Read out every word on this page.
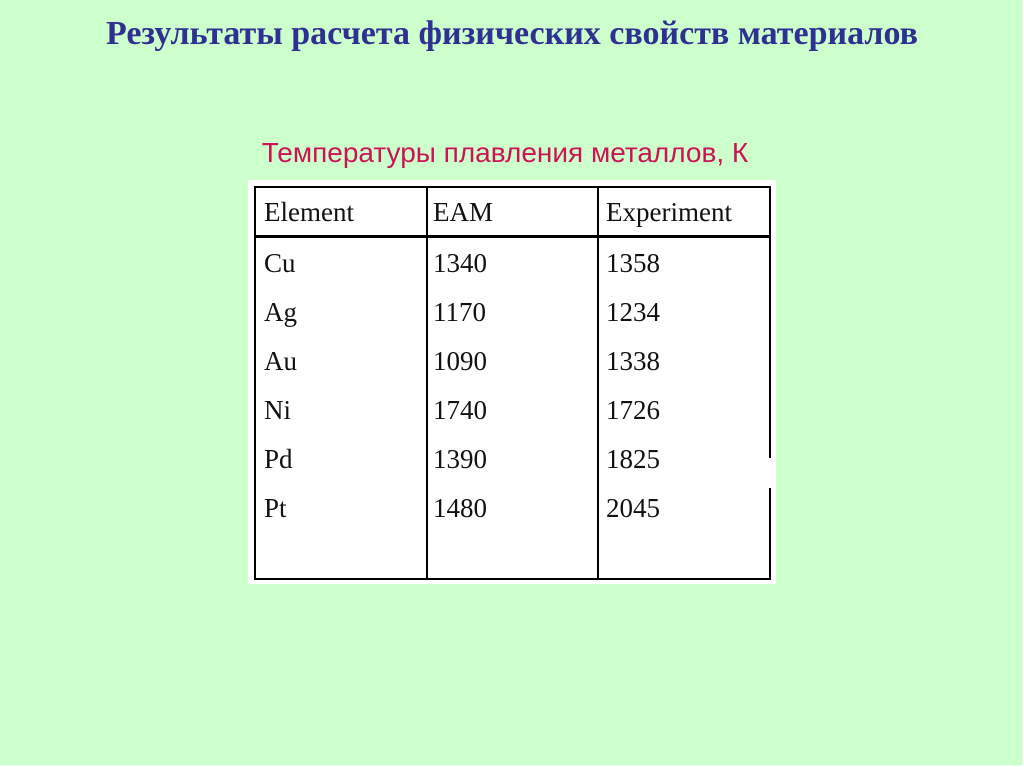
Результаты расчета физических свойств материалов
Температуры плавления металлов, К
Element	EAM	Experiment
Cu	1340	1358
Ag	1170	1234
Au	1090	1338
Ni	1740	1726
Pd	1390	1825
Pt	1480	2045
